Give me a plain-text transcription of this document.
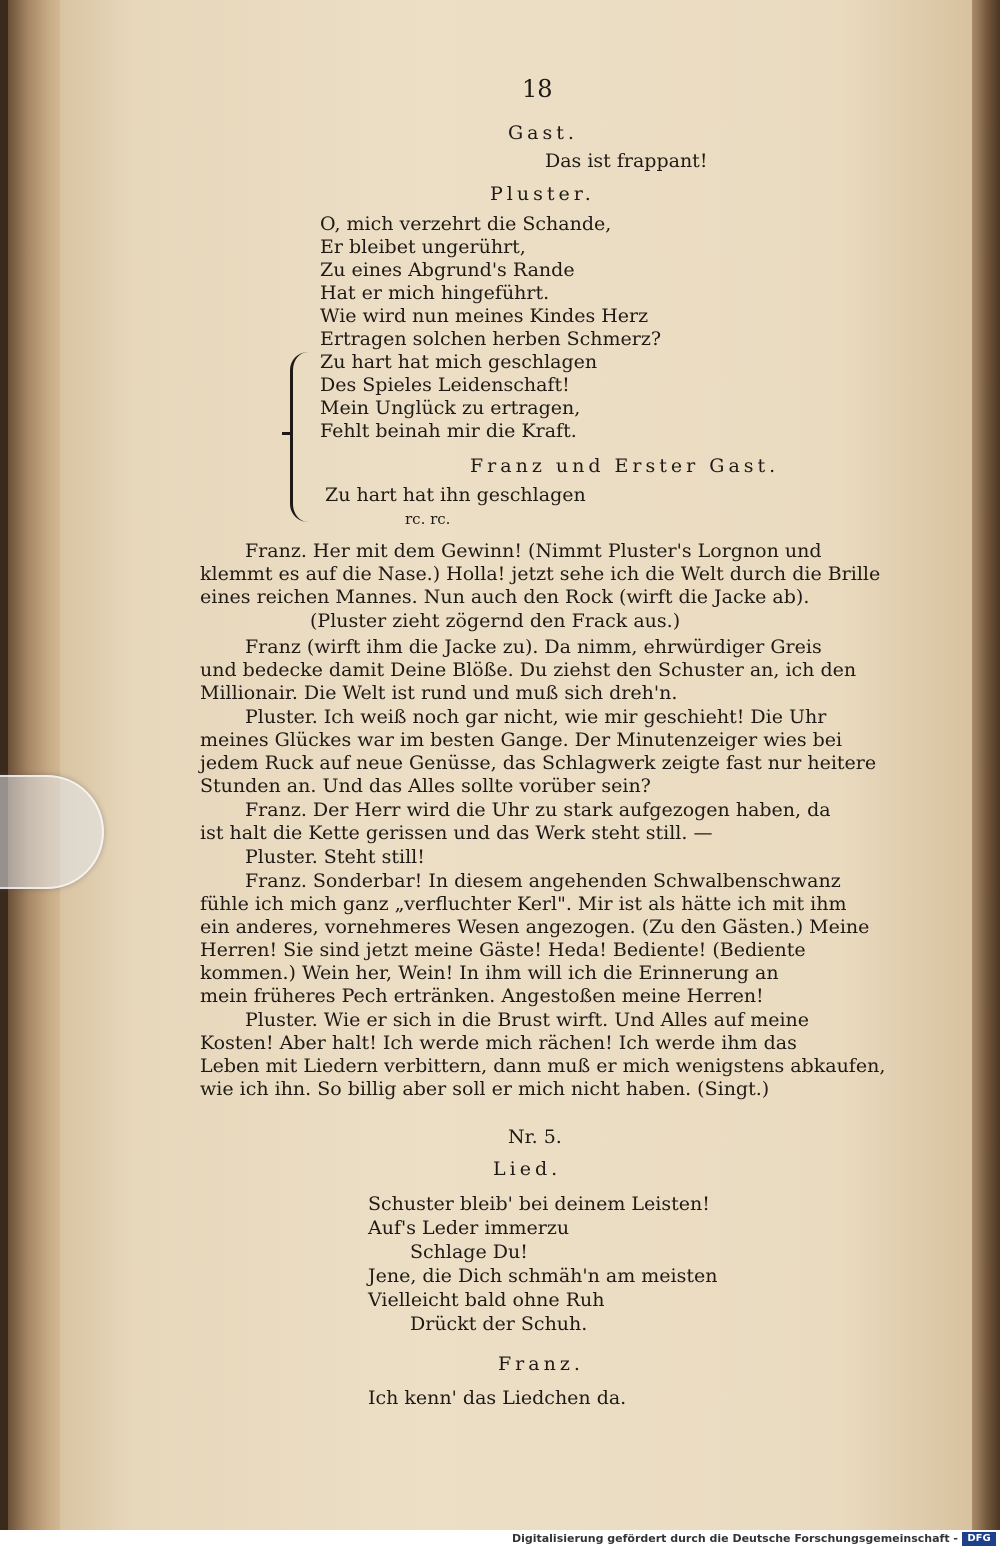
18
Gast.
Das ist frappant!
Pluster.
O, mich verzehrt die Schande,
Er bleibet ungerührt,
Zu eines Abgrund's Rande
Hat er mich hingeführt.
Wie wird nun meines Kindes Herz
Ertragen solchen herben Schmerz?
Zu hart hat mich geschlagen
Des Spieles Leidenschaft!
Mein Unglück zu ertragen,
Fehlt beinah mir die Kraft.
Franz und Erster Gast.
Zu hart hat ihn geschlagen
rc. rc.
Franz. Her mit dem Gewinn! (Nimmt Pluster's Lorgnon und
klemmt es auf die Nase.) Holla! jetzt sehe ich die Welt durch die Brille
eines reichen Mannes. Nun auch den Rock (wirft die Jacke ab).
(Pluster zieht zögernd den Frack aus.)
Franz (wirft ihm die Jacke zu). Da nimm, ehrwürdiger Greis
und bedecke damit Deine Blöße. Du ziehst den Schuster an, ich den
Millionair. Die Welt ist rund und muß sich dreh'n.
Pluster. Ich weiß noch gar nicht, wie mir geschieht! Die Uhr
meines Glückes war im besten Gange. Der Minutenzeiger wies bei
jedem Ruck auf neue Genüsse, das Schlagwerk zeigte fast nur heitere
Stunden an. Und das Alles sollte vorüber sein?
Franz. Der Herr wird die Uhr zu stark aufgezogen haben, da
ist halt die Kette gerissen und das Werk steht still. —
Pluster. Steht still!
Franz. Sonderbar! In diesem angehenden Schwalbenschwanz
fühle ich mich ganz „verfluchter Kerl". Mir ist als hätte ich mit ihm
ein anderes, vornehmeres Wesen angezogen. (Zu den Gästen.) Meine
Herren! Sie sind jetzt meine Gäste! Heda! Bediente! (Bediente
kommen.) Wein her, Wein! In ihm will ich die Erinnerung an
mein früheres Pech ertränken. Angestoßen meine Herren!
Pluster. Wie er sich in die Brust wirft. Und Alles auf meine
Kosten! Aber halt! Ich werde mich rächen! Ich werde ihm das
Leben mit Liedern verbittern, dann muß er mich wenigstens abkaufen,
wie ich ihn. So billig aber soll er mich nicht haben. (Singt.)
Nr. 5.
Lied.
Schuster bleib' bei deinem Leisten!
Auf's Leder immerzu
Schlage Du!
Jene, die Dich schmäh'n am meisten
Vielleicht bald ohne Ruh
Drückt der Schuh.
Franz.
Ich kenn' das Liedchen da.
Digitalisierung gefördert durch die Deutsche Forschungsgemeinschaft - DFG
